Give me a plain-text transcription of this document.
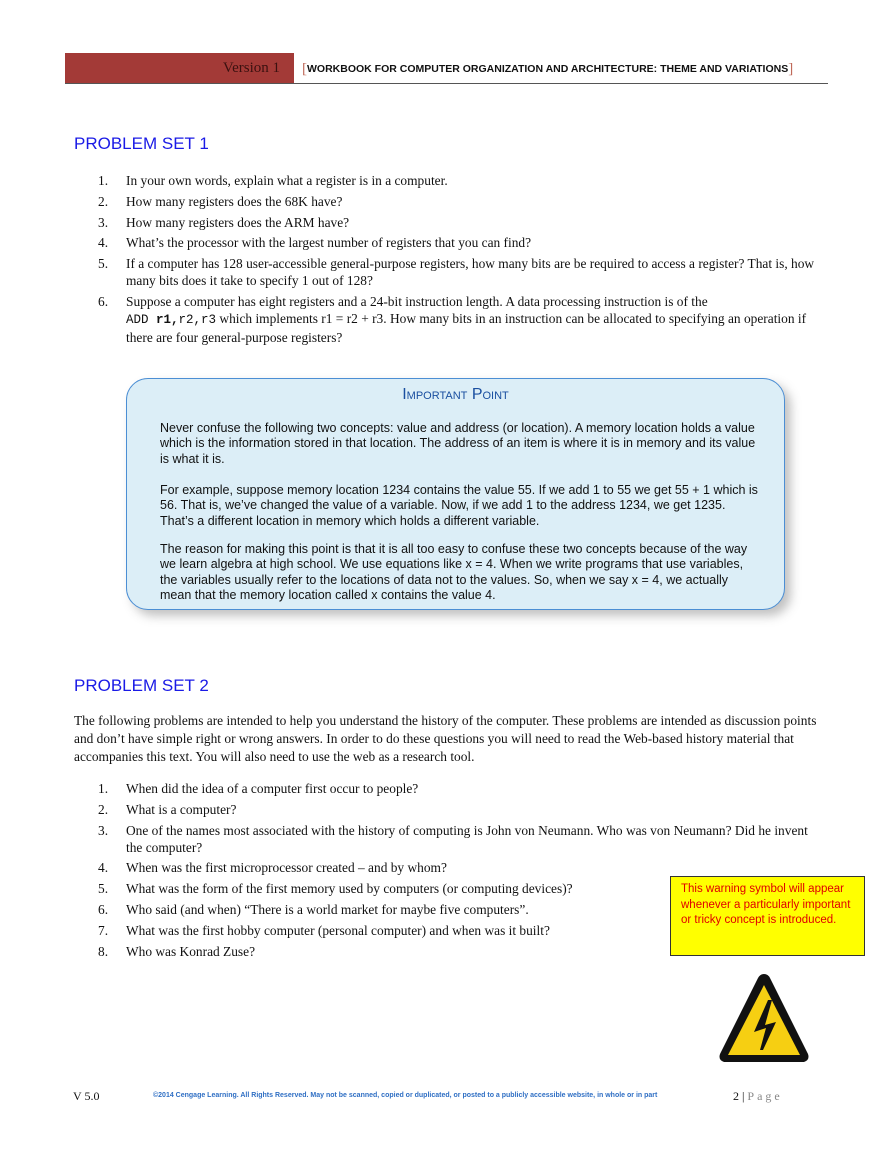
Version 1	[WORKBOOK FOR COMPUTER ORGANIZATION AND ARCHITECTURE: THEME AND VARIATIONS]
PROBLEM SET 1
1.	In your own words, explain what a register is in a computer.
2.	How many registers does the 68K have?
3.	How many registers does the ARM have?
4.	What’s the processor with the largest number of registers that you can find?
5.	If a computer has 128 user-accessible general-purpose registers, how many bits are be required to access a register? That is, how many bits does it take to specify 1 out of 128?
6.	Suppose a computer has eight registers and a 24-bit instruction length. A data processing instruction is of the
ADD r1,r2,r3 which implements r1 = r2 + r3. How many bits in an instruction can be allocated to specifying an operation if there are four general-purpose registers?
Important Point

Never confuse the following two concepts: value and address (or location). A memory location holds a value which is the information stored in that location. The address of an item is where it is in memory and its value is what it is.

For example, suppose memory location 1234 contains the value 55. If we add 1 to 55 we get 55 + 1 which is 56. That is, we’ve changed the value of a variable. Now, if we add 1 to the address 1234, we get 1235. That’s a different location in memory which holds a different variable.

The reason for making this point is that it is all too easy to confuse these two concepts because of the way we learn algebra at high school. We use equations like x = 4. When we write programs that use variables, the variables usually refer to the locations of data not to the values. So, when we say x = 4, we actually mean that the memory location called x contains the value 4.

PROBLEM SET 2

The following problems are intended to help you understand the history of the computer. These problems are intended as discussion points and don’t have simple right or wrong answers. In order to do these questions you will need to read the Web-based history material that accompanies this text. You will also need to use the web as a research tool.

1.	When did the idea of a computer first occur to people?
2.	What is a computer?
3.	One of the names most associated with the history of computing is John von Neumann. Who was von Neumann? Did he invent the computer?
4.	When was the first microprocessor created – and by whom?
5.	What was the form of the first memory used by computers (or computing devices)?
6.	Who said (and when) “There is a world market for maybe five computers”.
7.	What was the first hobby computer (personal computer) and when was it built?
8.	Who was Konrad Zuse?
This warning symbol will appear whenever a particularly important or tricky concept is introduced.
V 5.0	©2014 Cengage Learning. All Rights Reserved. May not be scanned, copied or duplicated, or posted to a publicly accessible website, in whole or in part	2 | Page
